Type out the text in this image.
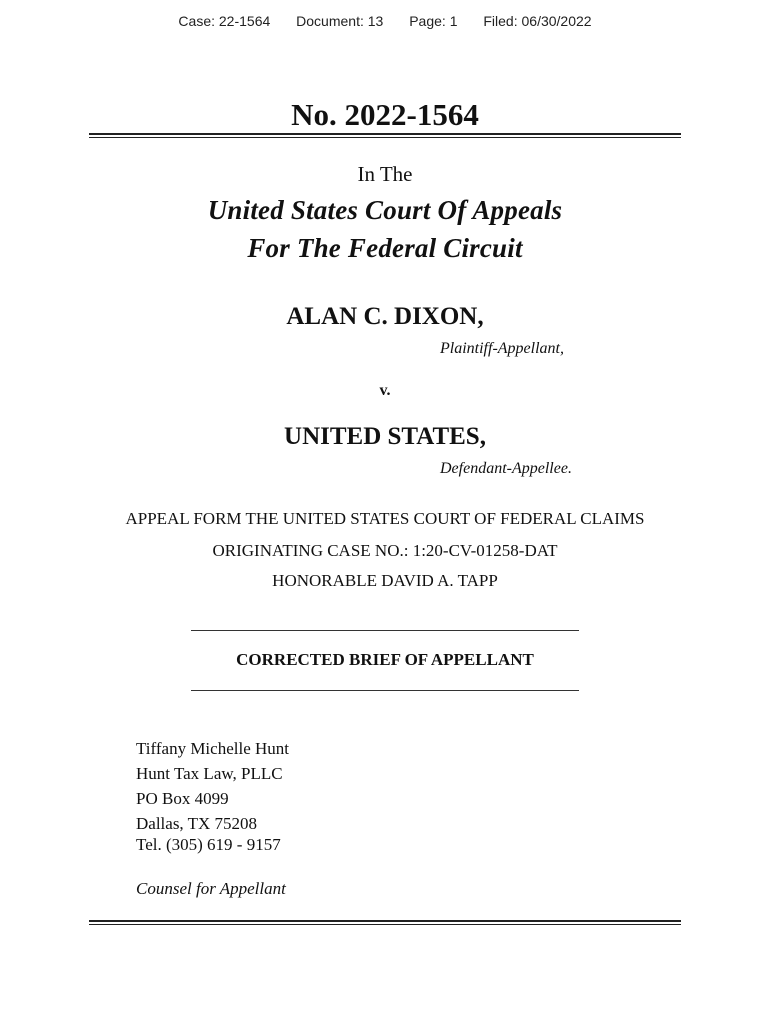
Case: 22-1564 Document: 13 Page: 1 Filed: 06/30/2022
No. 2022-1564
In The
United States Court Of Appeals
For The Federal Circuit
ALAN C. DIXON,
Plaintiff-Appellant,
v.
UNITED STATES,
Defendant-Appellee.
APPEAL FORM THE UNITED STATES COURT OF FEDERAL CLAIMS
ORIGINATING CASE NO.: 1:20-CV-01258-DAT
HONORABLE DAVID A. TAPP
CORRECTED BRIEF OF APPELLANT
Tiffany Michelle Hunt
Hunt Tax Law, PLLC
PO Box 4099
Dallas, TX 75208
Tel. (305) 619 - 9157
Counsel for Appellant
